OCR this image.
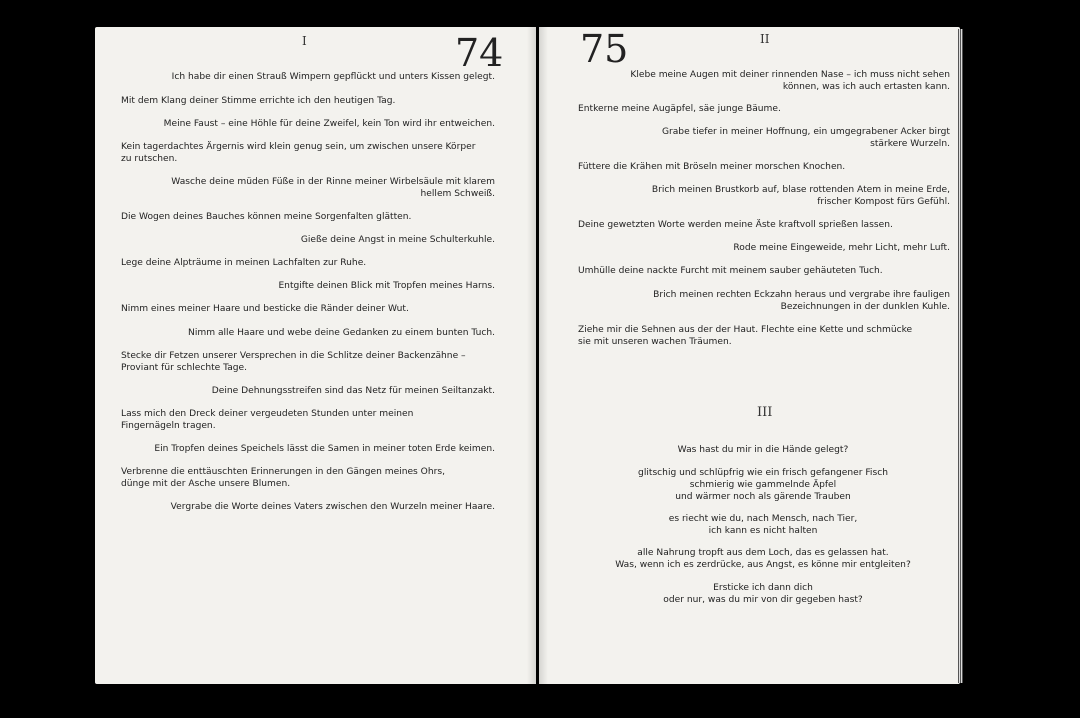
74
I	75	II
III
Ich habe dir einen Strauß Wimpern gepflückt und unters Kissen gelegt.
Mit dem Klang deiner Stimme errichte ich den heutigen Tag.
Meine Faust – eine Höhle für deine Zweifel, kein Ton wird ihr entweichen.
Kein tagerdachtes Ärgernis wird klein genug sein, um zwischen unsere Körper
zu rutschen.
Wasche deine müden Füße in der Rinne meiner Wirbelsäule mit klarem
hellem Schweiß.
Die Wogen deines Bauches können meine Sorgenfalten glätten.
Gieße deine Angst in meine Schulterkuhle.
Lege deine Alpträume in meinen Lachfalten zur Ruhe.
Entgifte deinen Blick mit Tropfen meines Harns.
Nimm eines meiner Haare und besticke die Ränder deiner Wut.
Nimm alle Haare und webe deine Gedanken zu einem bunten Tuch.
Stecke dir Fetzen unserer Versprechen in die Schlitze deiner Backenzähne –
Proviant für schlechte Tage.
Deine Dehnungsstreifen sind das Netz für meinen Seiltanzakt.
Lass mich den Dreck deiner vergeudeten Stunden unter meinen
Fingernägeln tragen.
Ein Tropfen deines Speichels lässt die Samen in meiner toten Erde keimen.
Verbrenne die enttäuschten Erinnerungen in den Gängen meines Ohrs,
dünge mit der Asche unsere Blumen.
Vergrabe die Worte deines Vaters zwischen den Wurzeln meiner Haare.
Klebe meine Augen mit deiner rinnenden Nase – ich muss nicht sehen
können, was ich auch ertasten kann.
Entkerne meine Augäpfel, säe junge Bäume.
Grabe tiefer in meiner Hoffnung, ein umgegrabener Acker birgt
stärkere Wurzeln.
Füttere die Krähen mit Bröseln meiner morschen Knochen.
Brich meinen Brustkorb auf, blase rottenden Atem in meine Erde,
frischer Kompost fürs Gefühl.
Deine gewetzten Worte werden meine Äste kraftvoll sprießen lassen.
Rode meine Eingeweide, mehr Licht, mehr Luft.
Umhülle deine nackte Furcht mit meinem sauber gehäuteten Tuch.
Brich meinen rechten Eckzahn heraus und vergrabe ihre fauligen
Bezeichnungen in der dunklen Kuhle.
Ziehe mir die Sehnen aus der der Haut. Flechte eine Kette und schmücke
sie mit unseren wachen Träumen.
Was hast du mir in die Hände gelegt?
glitschig und schlüpfrig wie ein frisch gefangener Fisch
schmierig wie gammelnde Äpfel
und wärmer noch als gärende Trauben
es riecht wie du, nach Mensch, nach Tier,
ich kann es nicht halten
alle Nahrung tropft aus dem Loch, das es gelassen hat.
Was, wenn ich es zerdrücke, aus Angst, es könne mir entgleiten?
Ersticke ich dann dich
oder nur, was du mir von dir gegeben hast?
